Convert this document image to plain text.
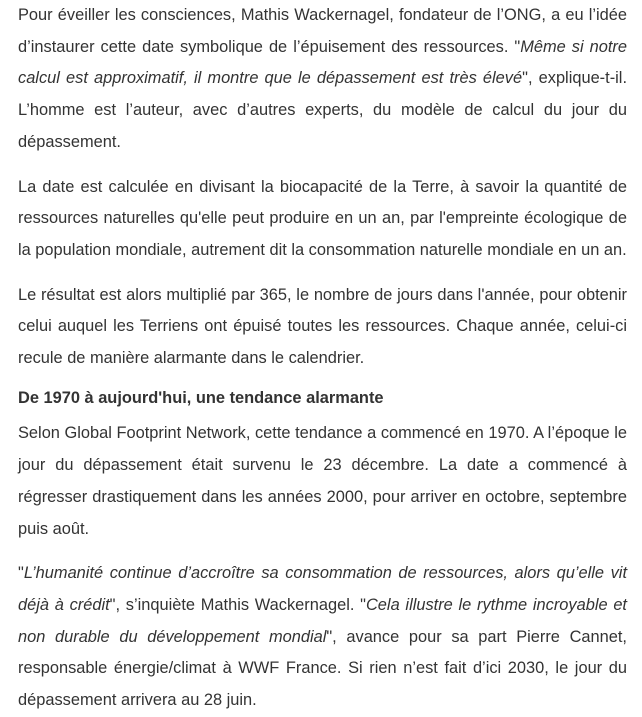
Pour éveiller les consciences, Mathis Wackernagel, fondateur de l’ONG, a eu l’idée d’instaurer cette date symbolique de l’épuisement des ressources. "Même si notre calcul est approximatif, il montre que le dépassement est très élevé", explique-t-il. L’homme est l’auteur, avec d’autres experts, du modèle de calcul du jour du dépassement.

La date est calculée en divisant la biocapacité de la Terre, à savoir la quantité de ressources naturelles qu'elle peut produire en un an, par l'empreinte écologique de la population mondiale, autrement dit la consommation naturelle mondiale en un an.

Le résultat est alors multiplié par 365, le nombre de jours dans l'année, pour obtenir celui auquel les Terriens ont épuisé toutes les ressources. Chaque année, celui-ci recule de manière alarmante dans le calendrier.

De 1970 à aujourd'hui, une tendance alarmante

Selon Global Footprint Network, cette tendance a commencé en 1970. A l’époque le jour du dépassement était survenu le 23 décembre. La date a commencé à régresser drastiquement dans les années 2000, pour arriver en octobre, septembre puis août.

"L’humanité continue d’accroître sa consommation de ressources, alors qu’elle vit déjà à crédit", s’inquiète Mathis Wackernagel. "Cela illustre le rythme incroyable et non durable du développement mondial", avance pour sa part Pierre Cannet, responsable énergie/climat à WWF France. Si rien n’est fait d’ici 2030, le jour du dépassement arrivera au 28 juin.
